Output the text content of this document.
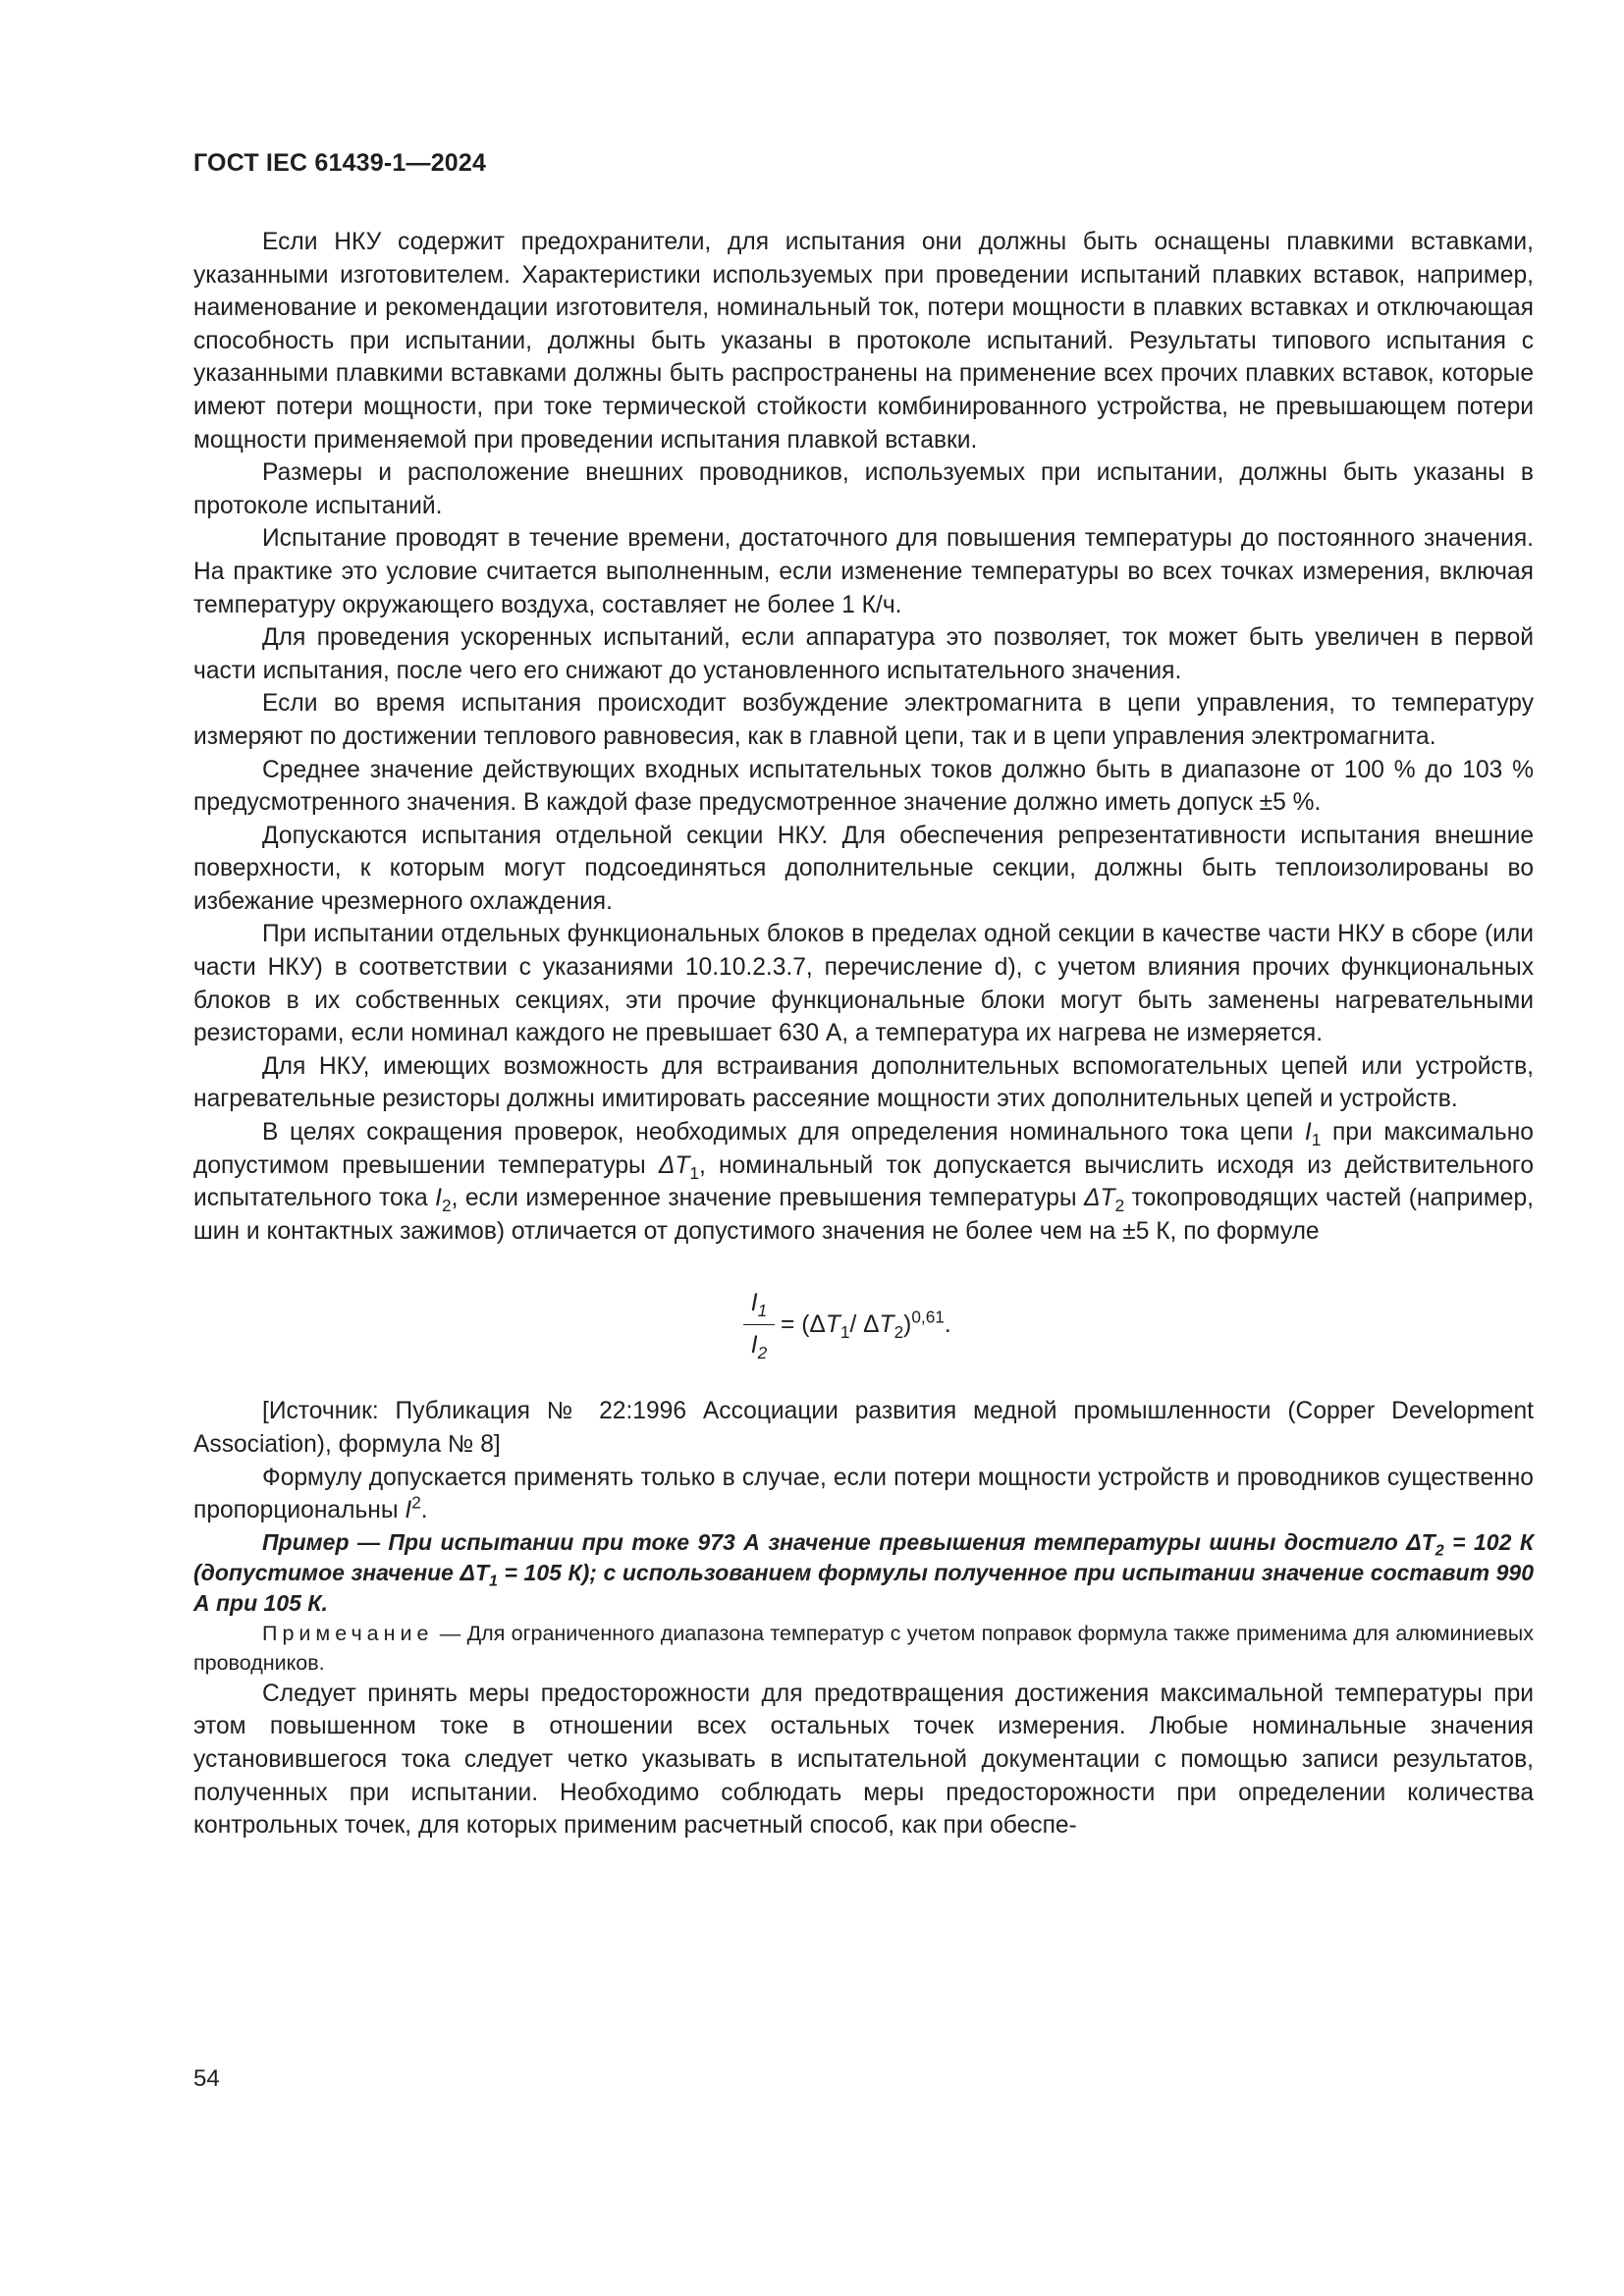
ГОСТ IEC 61439-1—2024

Если НКУ содержит предохранители, для испытания они должны быть оснащены плавкими вставками, указанными изготовителем. Характеристики используемых при проведении испытаний плавких вставок, например, наименование и рекомендации изготовителя, номинальный ток, потери мощности в плавких вставках и отключающая способность при испытании, должны быть указаны в протоколе испытаний. Результаты типового испытания с указанными плавкими вставками должны быть распространены на применение всех прочих плавких вставок, которые имеют потери мощности, при токе термической стойкости комбинированного устройства, не превышающем потери мощности применяемой при проведении испытания плавкой вставки.

Размеры и расположение внешних проводников, используемых при испытании, должны быть указаны в протоколе испытаний.

Испытание проводят в течение времени, достаточного для повышения температуры до постоянного значения. На практике это условие считается выполненным, если изменение температуры во всех точках измерения, включая температуру окружающего воздуха, составляет не более 1 К/ч.

Для проведения ускоренных испытаний, если аппаратура это позволяет, ток может быть увеличен в первой части испытания, после чего его снижают до установленного испытательного значения.

Если во время испытания происходит возбуждение электромагнита в цепи управления, то температуру измеряют по достижении теплового равновесия, как в главной цепи, так и в цепи управления электромагнита.

Среднее значение действующих входных испытательных токов должно быть в диапазоне от 100 % до 103 % предусмотренного значения. В каждой фазе предусмотренное значение должно иметь допуск ±5 %.

Допускаются испытания отдельной секции НКУ. Для обеспечения репрезентативности испытания внешние поверхности, к которым могут подсоединяться дополнительные секции, должны быть теплоизолированы во избежание чрезмерного охлаждения.

При испытании отдельных функциональных блоков в пределах одной секции в качестве части НКУ в сборе (или части НКУ) в соответствии с указаниями 10.10.2.3.7, перечисление d), с учетом влияния прочих функциональных блоков в их собственных секциях, эти прочие функциональные блоки могут быть заменены нагревательными резисторами, если номинал каждого не превышает 630 А, а температура их нагрева не измеряется.

Для НКУ, имеющих возможность для встраивания дополнительных вспомогательных цепей или устройств, нагревательные резисторы должны имитировать рассеяние мощности этих дополнительных цепей и устройств.

В целях сокращения проверок, необходимых для определения номинального тока цепи $I_1$ при максимально допустимом превышении температуры $\Delta T_1$, номинальный ток допускается вычислить исходя из действительного испытательного тока $I_2$, если измеренное значение превышения температуры $\Delta T_2$ токопроводящих частей (например, шин и контактных зажимов) отличается от допустимого значения не более чем на ±5 К, по формуле

$\frac{I_1}{I_2} = (\Delta T_1/$ $\Delta T_2)^{0,61}$.

[Источник: Публикация № 22:1996 Ассоциации развития медной промышленности (Copper Development Association), формула № 8]

Формулу допускается применять только в случае, если потери мощности устройств и проводников существенно пропорциональны $I^2$.

Пример — При испытании при токе 973 А значение превышения температуры шины достигло $\Delta T_2 = 102$ К (допустимое значение $\Delta T_1 = 105$ К); с использованием формулы полученное при испытании значение составит 990 А при 105 К.

Примечание — Для ограниченного диапазона температур с учетом поправок формула также применима для алюминиевых проводников.

Следует принять меры предосторожности для предотвращения достижения максимальной температуры при этом повышенном токе в отношении всех остальных точек измерения. Любые номинальные значения установившегося тока следует четко указывать в испытательной документации с помощью записи результатов, полученных при испытании. Необходимо соблюдать меры предосторожности при определении количества контрольных точек, для которых применим расчетный способ, как при обеспе-

54
